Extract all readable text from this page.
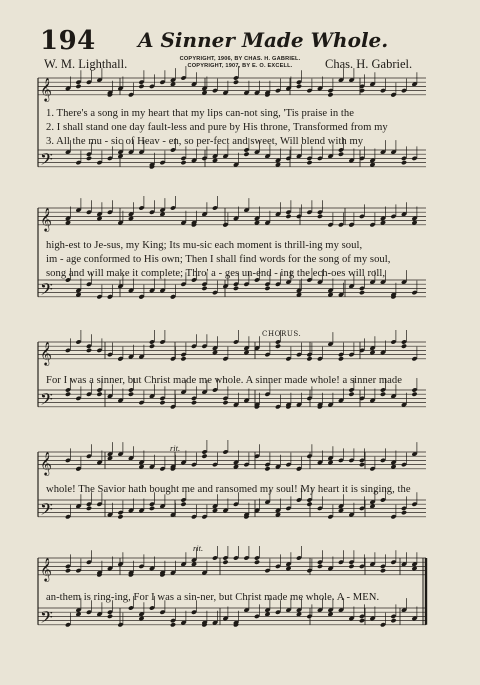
194 A Sinner Made Whole.
W. M. Lighthall.	COPYRIGHT, 1906, BY CHAS. H. GABRIEL.
COPYRIGHT, 1907, BY E. O. EXCELL.	Chas. H. Gabriel.
𝄞
𝄢
𝄞
𝄢
𝄞
𝄢
𝄞
𝄢
𝄞
𝄢
1. There's a song in my heart that my lips can-not sing, 'Tis praise in the
2. I shall stand one day fault-less and pure by His throne, Transformed from my
3. All the mu - sic of Heav - en, so per-fect and sweet, Will blend with my
high-est to Je-sus, my King; Its mu-sic each moment is thrill-ing my soul,
im - age conformed to His own; Then I shall find words for the song of my soul,
song and will make it complete; Thro' a - ges un-end - ing the ech-oes will roll,
CHORUS.
For I was a sinner, but Christ made me whole. A sinner made whole! a sinner made
rit.
whole! The Savior hath bought me and ransomed my soul! My heart it is singing, the
rit.
an-them is ring-ing, For I was a sin-ner, but Christ made me whole. A - MEN.
